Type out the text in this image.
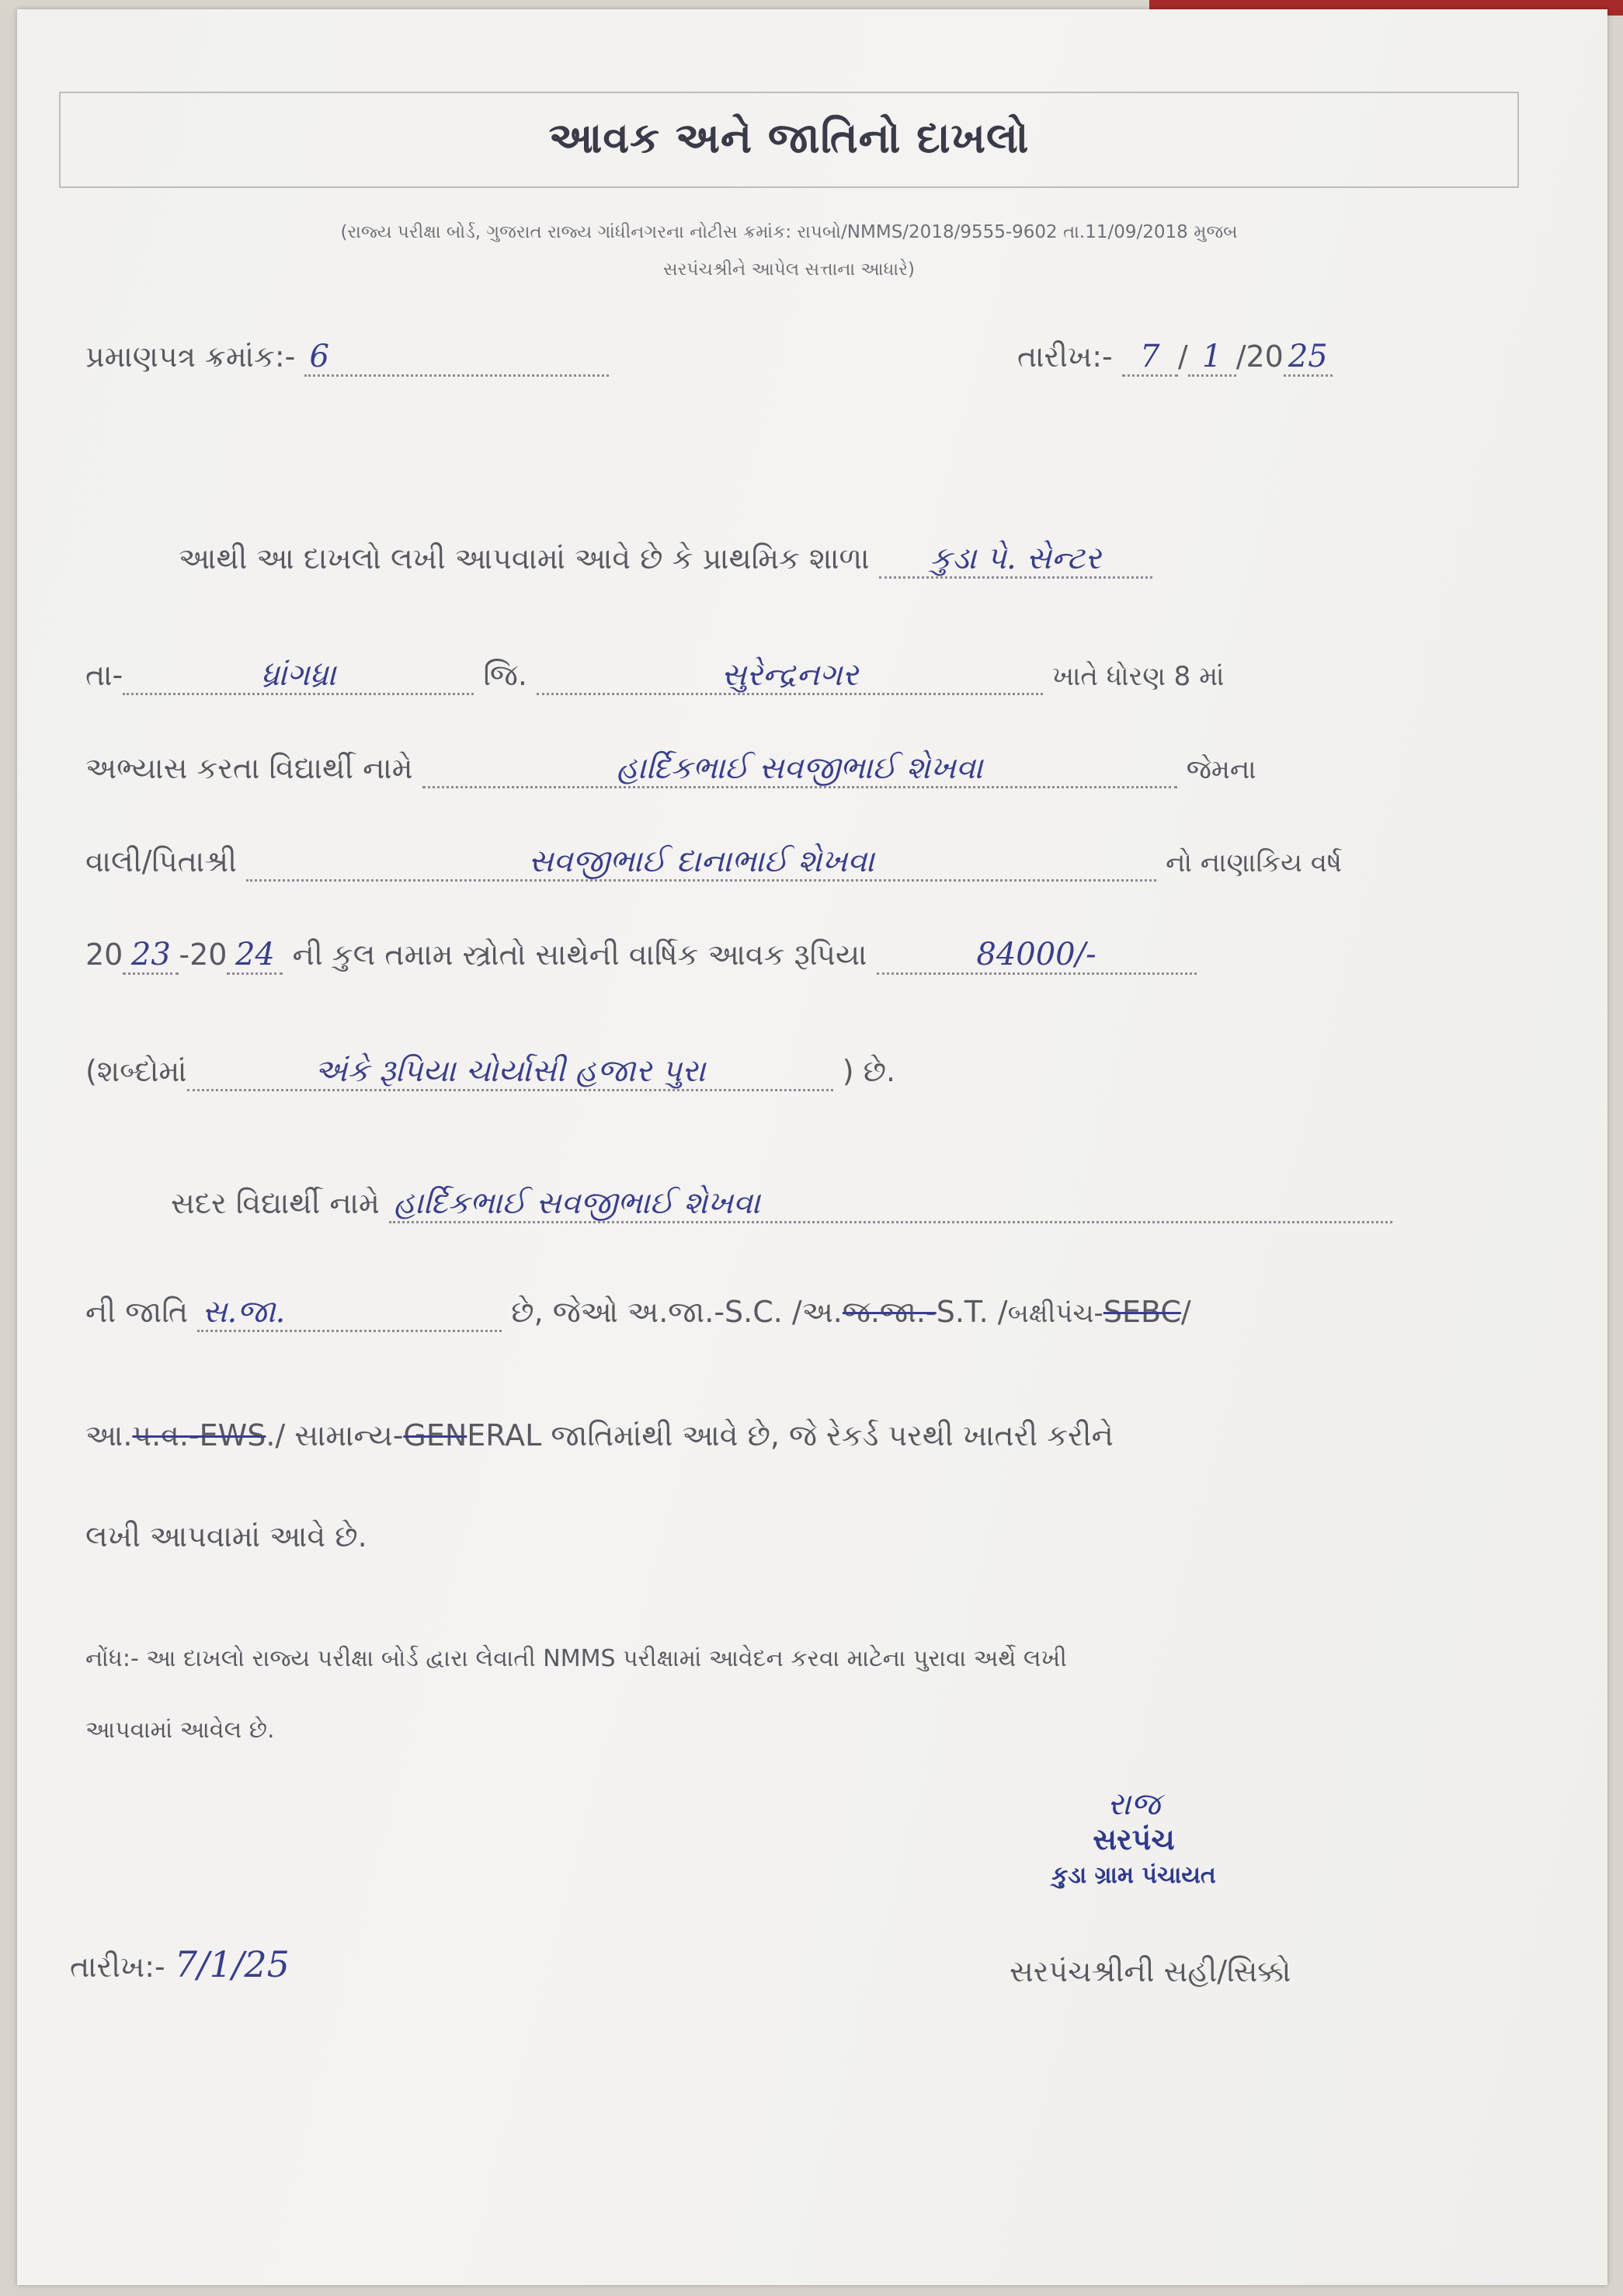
આવક અને જાતિનો દાખલો
(રાજ્ય પરીક્ષા બોર્ડ, ગુજરાત રાજ્ય ગાંધીનગરના નોટીસ ક્રમાંક: રાપબો/NMMS/2018/9555-9602 તા.11/09/2018 મુજબ
સરપંચશ્રીને આપેલ સત્તાના આધારે)
પ્રમાણપત્ર ક્રમાંક:- 6	તારીખ:- 7 / 1 /20 25
આથી આ દાખલો લખી આપવામાં આવે છે કે પ્રાથમિક શાળા કુડા પે. સેન્ટર
તા-	ધ્રાંગધ્રા	જિ.	સુરેન્દ્રનગર	ખાતે ધોરણ 8 માં
અભ્યાસ કરતા વિદ્યાર્થી નામે	હાર્દિકભાઈ સવજીભાઈ શેખવા	જેમના
વાલી/પિતાશ્રી	સવજીભાઈ દાનાભાઈ શેખવા	નો નાણાકિય વર્ષ
20 23 -20 24 ની કુલ તમામ સ્ત્રોતો સાથેની વાર્ષિક આવક રૂપિયા	84000/-
(શબ્દોમાં	અંકે રૂપિયા ચોર્યાસી હજાર પુરા	) છે.
સદર વિદ્યાર્થી નામે હાર્દિકભાઈ સવજીભાઈ શેખવા
ની જાતિ સ.જા.	છે, જેઓ અ.જા.-S.C. /અ.જ.જા.-S.T. /બક્ષીપંચ-SEBC/
આ.પ.વ.-EWS./ સામાન્ય-GENERAL જાતિમાંથી આવે છે, જે રેકર્ડ પરથી ખાતરી કરીને
લખી આપવામાં આવે છે.
નોંધ:- આ દાખલો રાજ્ય પરીક્ષા બોર્ડ દ્વારા લેવાતી NMMS પરીક્ષામાં આવેદન કરવા માટેના પુરાવા અર્થે લખી
આપવામાં આવેલ છે.
રાજ
સરપંચ
કુડા ગ્રામ પંચાયત
તારીખ:- 7/1/25	સરપંચશ્રીની સહી/સિક્કો
